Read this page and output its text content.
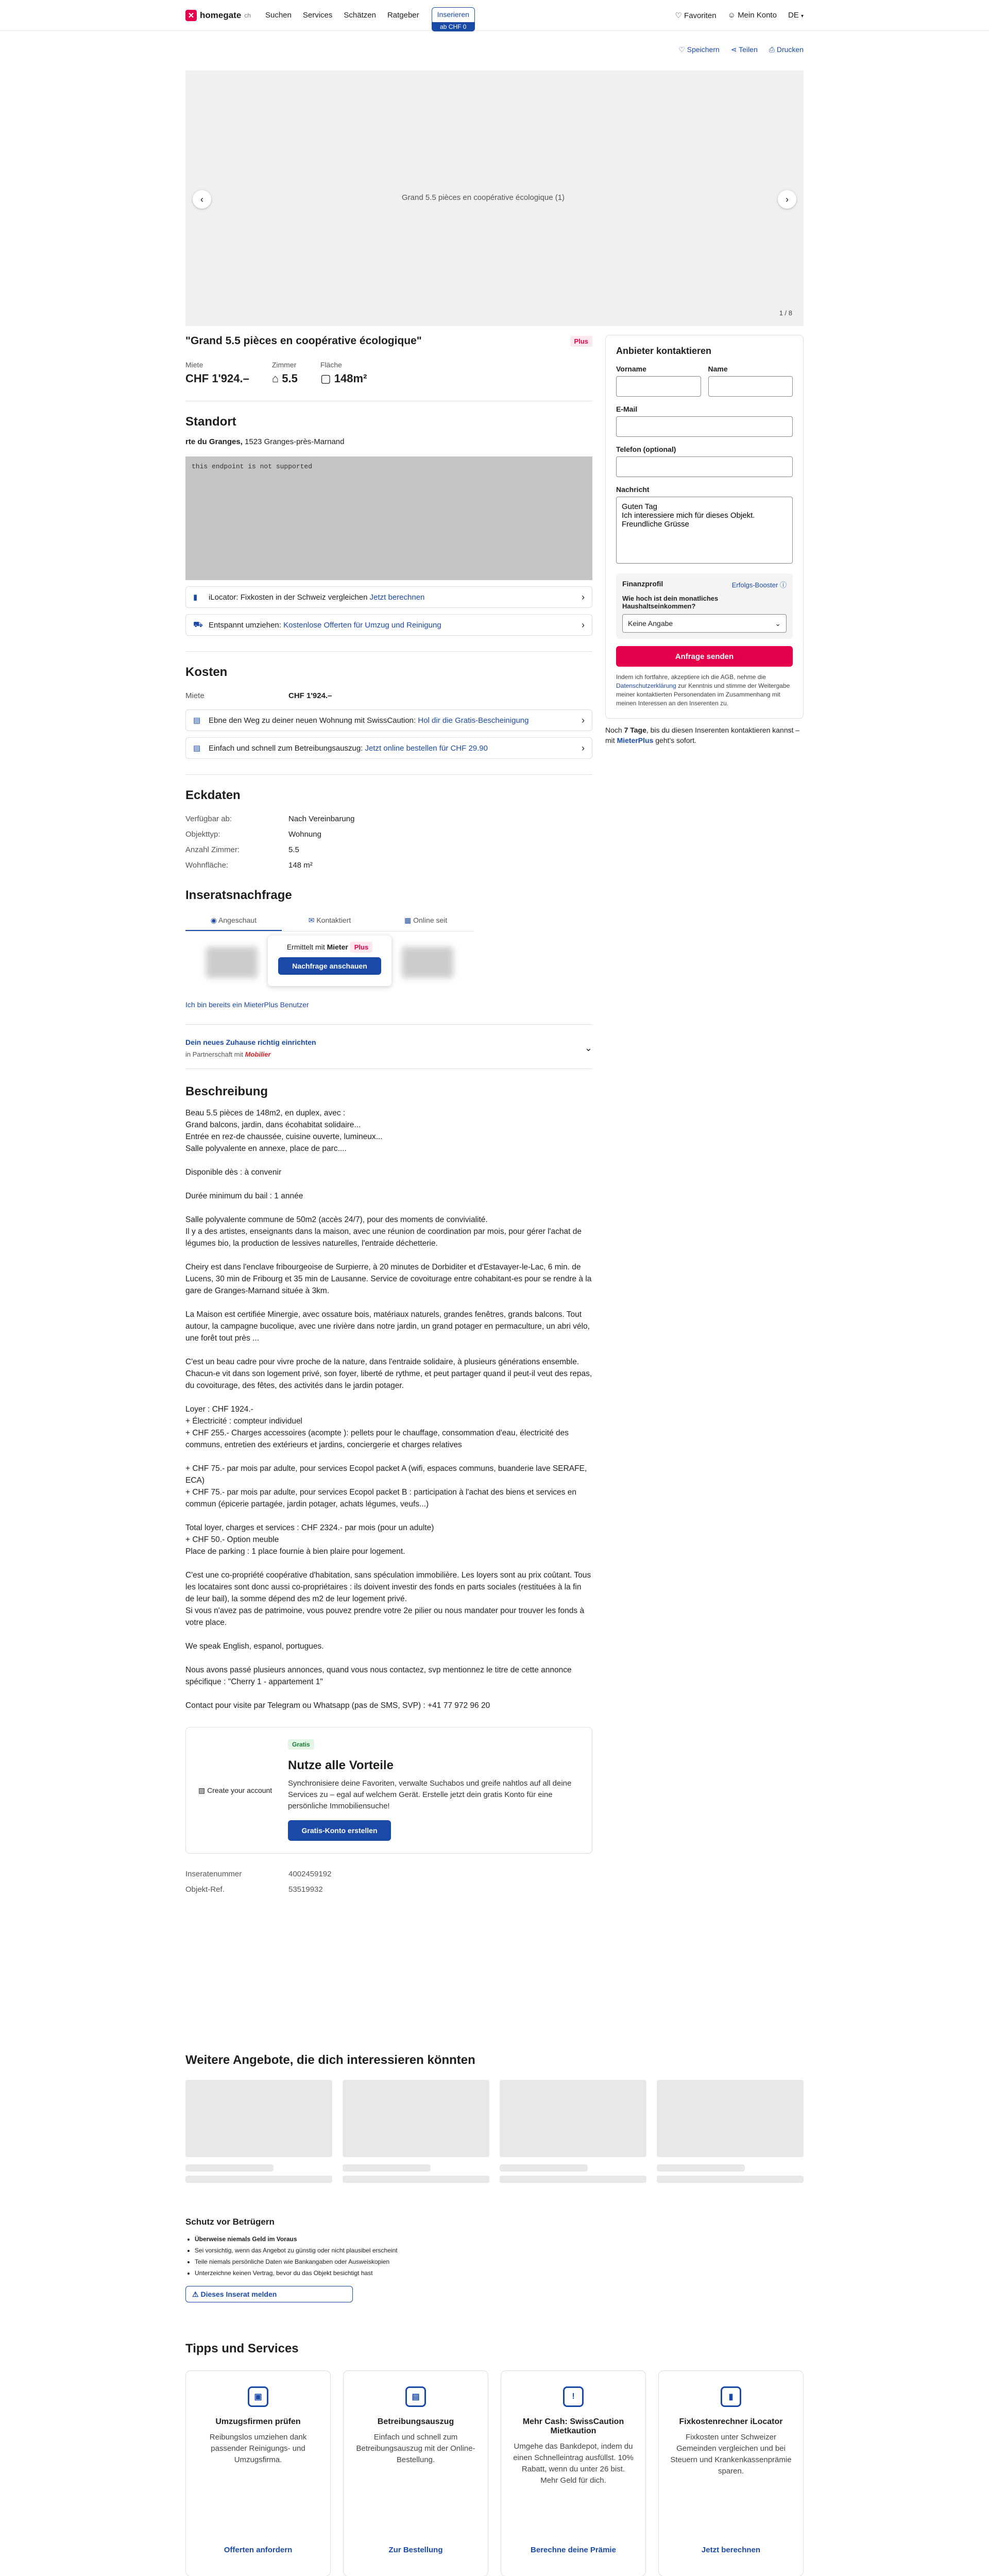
✕ homegate ch Suchen Services Schätzen Ratgeber	Inserieren
ab CHF 0
♡ Favoriten ☺ Mein Konto DE ▾
♡ Speichern ⋖ Teilen ⎙ Drucken
Grand 5.5 pièces en coopérative écologique (1)
‹	›
1 / 8
"Grand 5.5 pièces en coopérative écologique"	Plus
Miete
CHF 1'924.–
Zimmer
⌂ 5.5
Fläche
▢ 148m²
Standort
rte du Granges, 1523 Granges-près-Marnand
this endpoint is not supported
▮	iLocator: Fixkosten in der Schweiz vergleichen
Jetzt berechnen	›
⛟ Entspannt umziehen:
Kostenlose Offerten für Umzug und Reinigung	›
Kosten
Miete	CHF 1'924.–
▤ Ebne den Weg zu deiner neuen Wohnung mit SwissCaution:
Hol dir die Gratis-Bescheinigung	›
▤ Einfach und schnell zum Betreibungsauszug:
Jetzt online bestellen für CHF 29.90	›
Eckdaten
Verfügbar ab:	Nach Vereinbarung
Objekttyp:	Wohnung
Anzahl Zimmer:	5.5
Wohnfläche:	148 m²
Inseratsnachfrage
◉ Angeschaut	✉ Kontaktiert	▦ Online seit
Ermittelt mit Mieter Plus
Nachfrage anschauen
Ich bin bereits ein MieterPlus Benutzer
Dein neues Zuhause richtig einrichten
in Partnerschaft mit Mobilier
⌄
Beschreibung

Beau 5.5 pièces de 148m2, en duplex, avec :

Grand balcons, jardin, dans écohabitat solidaire...

Entrée en rez-de chaussée, cuisine ouverte, lumineux...

Salle polyvalente en annexe, place de parc....

Disponible dès : à convenir

Durée minimum du bail : 1 année

Salle polyvalente commune de 50m2 (accès 24/7), pour des moments de convivialité.

Il y a des artistes, enseignants dans la maison, avec une réunion de coordination par mois, pour gérer l'achat de légumes bio, la production de lessives naturelles, l'entraide déchetterie.

Cheiry est dans l'enclave fribourgeoise de Surpierre, à 20 minutes de Dorbiditer et d'Estavayer-le-Lac, 6 min. de Lucens, 30 min de Fribourg et 35 min de Lausanne. Service de covoiturage entre cohabitant-es pour se rendre à la gare de Granges-Marnand située à 3km.

La Maison est certifiée Minergie, avec ossature bois, matériaux naturels, grandes fenêtres, grands balcons. Tout autour, la campagne bucolique, avec une rivière dans notre jardin, un grand potager en permaculture, un abri vélo, une forêt tout près ...

C'est un beau cadre pour vivre proche de la nature, dans l'entraide solidaire, à plusieurs générations ensemble. Chacun-e vit dans son logement privé, son foyer, liberté de rythme, et peut partager quand il peut-il veut des repas, du covoiturage, des fêtes, des activités dans le jardin potager.

Loyer : CHF 1924.-

+ Électricité : compteur individuel

+ CHF 255.- Charges accessoires (acompte ): pellets pour le chauffage, consommation d'eau, électricité des communs, entretien des extérieurs et jardins, conciergerie et charges relatives

+ CHF 75.- par mois par adulte, pour services Ecopol packet A (wifi, espaces communs, buanderie lave SERAFE, ECA)

+ CHF 75.- par mois par adulte, pour services Ecopol packet B : participation à l'achat des biens et services en commun (épicerie partagée, jardin potager, achats légumes, veufs...)

Total loyer, charges et services : CHF 2324.- par mois (pour un adulte)

+ CHF 50.- Option meuble

Place de parking : 1 place fournie à bien plaire pour logement.

C'est une co-propriété coopérative d'habitation, sans spéculation immobilière. Les loyers sont au prix coûtant. Tous les locataires sont donc aussi co-propriétaires : ils doivent investir des fonds en parts sociales (restituées à la fin de leur bail), la somme dépend des m2 de leur logement privé.

Si vous n'avez pas de patrimoine, vous pouvez prendre votre 2e pilier ou nous mandater pour trouver les fonds à votre place.

We speak English, espanol, portugues.

Nous avons passé plusieurs annonces, quand vous nous contactez, svp mentionnez le titre de cette annonce spécifique : "Cherry 1 - appartement 1"

Contact pour visite par Telegram ou Whatsapp (pas de SMS, SVP) : +41 77 972 96 20

▨ Create your account
Gratis
Nutze alle Vorteile

Synchronisiere deine Favoriten, verwalte Suchabos und greife nahtlos auf all deine Services zu – egal auf welchem Gerät. Erstelle jetzt dein gratis Konto für eine persönliche Immobiliensuche!

Gratis-Konto erstellen
Inseratenummer	4002459192
Objekt-Ref.	53519932
Anbieter kontaktieren
Vorname	Name
E-Mail
Telefon (optional)
Nachricht
Guten Tag Ich interessiere mich für dieses Objekt. Freundliche Grüsse
Finanzprofil	Erfolgs-Booster ⓘ
Wie hoch ist dein monatliches Haushaltseinkommen?
Keine Angabe	⌄
Anfrage senden

Indem ich fortfahre, akzeptiere ich die AGB, nehme die Datenschutzerklärung zur Kenntnis und stimme der Weitergabe meiner kontaktierten Personendaten im Zusammenhang mit meinen Interessen an den Inserenten zu.

Noch 7 Tage, bis du diesen Inserenten kontaktieren kannst – mit MieterPlus geht's sofort.

Weitere Angebote, die dich interessieren könnten
Schutz vor Betrügern
• Überweise niemals Geld im Voraus
• Sei vorsichtig, wenn das Angebot zu günstig oder nicht plausibel erscheint
• Teile niemals persönliche Daten wie Bankangaben oder Ausweiskopien
• Unterzeichne keinen Vertrag, bevor du das Objekt besichtigt hast
⚠
Dieses Inserat melden
Tipps und Services
▣
Umzugsfirmen prüfen

Reibungslos umziehen dank passender Reinigungs- und Umzugsfirma.

Offerten anfordern
▤
Betreibungsauszug

Einfach und schnell zum Betreibungsauszug mit der Online-Bestellung.

Zur Bestellung
!
Mehr Cash: SwissCaution Mietkaution

Umgehe das Bankdepot, indem du einen Schnelleintrag ausfüllst. 10% Rabatt, wenn du unter 26 bist. Mehr Geld für dich.

Berechne deine Prämie
▮
Fixkostenrechner iLocator

Fixkosten unter Schweizer Gemeinden vergleichen und bei Steuern und Krankenkassenprämie sparen.

Jetzt berechnen
